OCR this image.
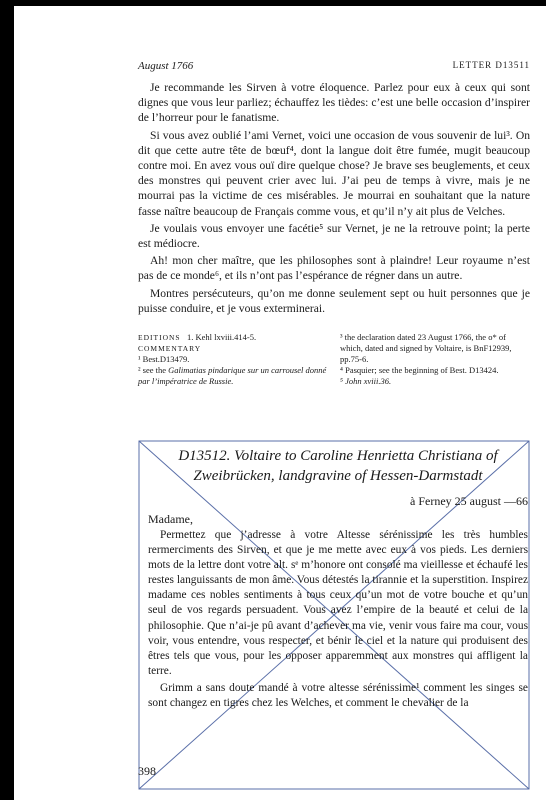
August 1766	LETTER D13511

Je recommande les Sirven à votre éloquence. Parlez pour eux à ceux qui sont dignes que vous leur parliez; échauffez les tièdes: c’est une belle occasion d’inspirer de l’horreur pour le fanatisme.

Si vous avez oublié l’ami Vernet, voici une occasion de vous souvenir de lui³. On dit que cette autre tête de bœuf⁴, dont la langue doit être fumée, mugit beaucoup contre moi. En avez vous ouï dire quelque chose? Je brave ses beuglements, et ceux des monstres qui peuvent crier avec lui. J’ai peu de temps à vivre, mais je ne mourrai pas la victime de ces misérables. Je mourrai en souhaitant que la nature fasse naître beaucoup de Français comme vous, et qu’il n’y ait plus de Velches.

Je voulais vous envoyer une facétie⁵ sur Vernet, je ne la retrouve point; la perte est médiocre.

Ah! mon cher maître, que les philosophes sont à plaindre! Leur royaume n’est pas de ce monde⁶, et ils n’ont pas l’espérance de régner dans un autre.

Montres persécuteurs, qu’on me donne seulement sept ou huit personnes que je puisse conduire, et je vous exterminerai.

EDITIONS 1. Kehl lxviii.414-5.

COMMENTARY

¹ Best.D13479.

² see the Galimatias pindarique sur un carrousel donné par l’impératrice de Russie.

³ the declaration dated 23 August 1766, the o* of which, dated and signed by Voltaire, is BnF12939, pp.75-6.

⁴ Pasquier; see the beginning of Best. D13424.

⁵ John xviii.36.

D13512. Voltaire to Caroline Henrietta Christiana of Zweibrücken, landgravine of Hessen-Darmstadt
à Ferney 25 august —66
Madame,

Permettez que j’adresse à votre Altesse sérénissime les très humbles rermerciments des Sirven, et que je me mette avec eux à vos pieds. Les derniers mots de la lettre dont votre alt. sᵉ m’honore ont consolé ma vieillesse et échaufé les restes languissants de mon âme. Vous détestés la tirannie et la superstition. Inspirez madame ces nobles sentiments à tous ceux qu’un mot de votre bouche et qu’un seul de vos regards persuadent. Vous avez l’empire de la beauté et celui de la philosophie. Que n’ai-je pû avant d’achever ma vie, venir vous faire ma cour, vous voir, vous entendre, vous respecter, et bénir le ciel et la nature qui produisent des êtres tels que vous, pour les opposer apparemment aux monstres qui affligent la terre.

Grimm a sans doute mandé à votre altesse sérénissime¹ comment les singes se sont changez en tigres chez les Welches, et comment le chevalier de la

398
